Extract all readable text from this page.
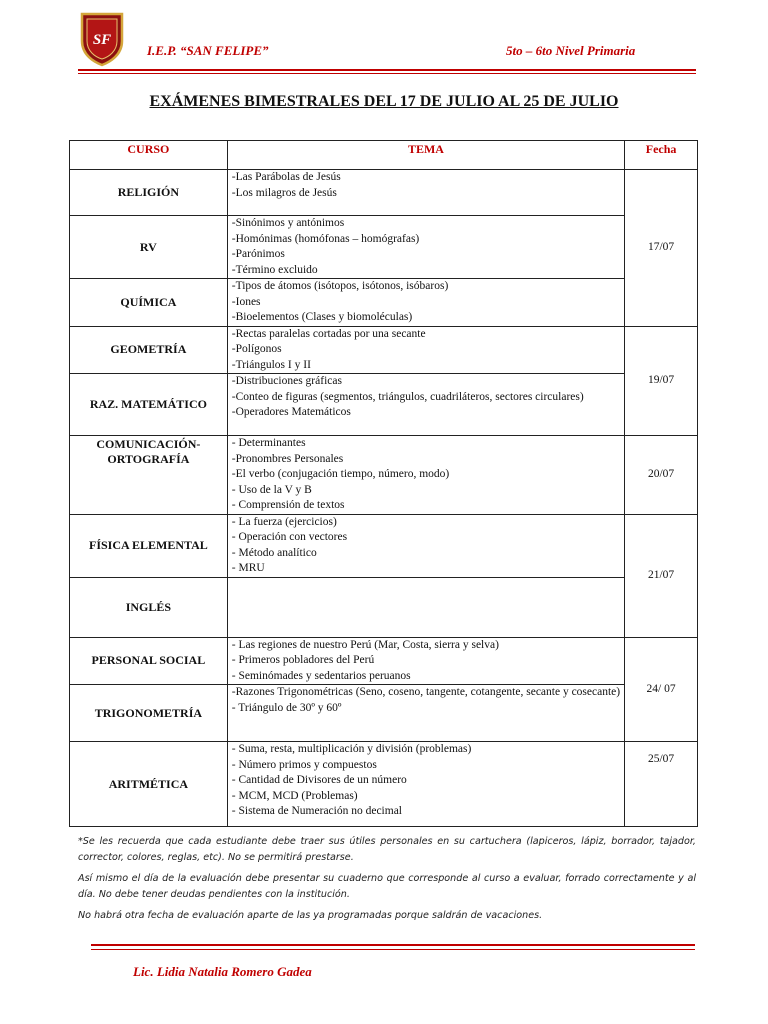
SF
I.E.P. “SAN FELIPE”	5to – 6to Nivel Primaria
EXÁMENES BIMESTRALES DEL 17 DE JULIO AL 25 DE JULIO
CURSO	TEMA	Fecha
RELIGIÓN	-Las Parábolas de Jesús
-Los milagros de Jesús	17/07
RV	-Sinónimos y antónimos
-Homónimas (homófonas – homógrafas)
-Parónimos
-Término excluido	

QUÍMICA	-Tipos de átomos (isótopos, isótonos, isóbaros)
-Iones
-Bioelementos (Clases y biomoléculas)	

GEOMETRÍA	-Rectas paralelas cortadas por una secante
-Polígonos
-Triángulos I y II	19/07
RAZ. MATEMÁTICO	-Distribuciones gráficas
-Conteo de figuras (segmentos, triángulos, cuadriláteros, sectores circulares)
-Operadores Matemáticos	

COMUNICACIÓN-
ORTOGRAFÍA	- Determinantes
-Pronombres Personales
-El verbo (conjugación tiempo, número, modo)
- Uso de la V y B
- Comprensión de textos	20/07
FÍSICA ELEMENTAL	- La fuerza (ejercicios)
- Operación con vectores
- Método analítico
- MRU	21/07
INGLÉS		
PERSONAL SOCIAL	- Las regiones de nuestro Perú (Mar, Costa, sierra y selva)
- Primeros pobladores del Perú
- Seminómades y sedentarios peruanos	24/ 07
TRIGONOMETRÍA	-Razones Trigonométricas (Seno, coseno, tangente, cotangente, secante y cosecante)
- Triángulo de 30º y 60º	

ARITMÉTICA	- Suma, resta, multiplicación y división (problemas)
- Número primos y compuestos
- Cantidad de Divisores de un número
- MCM, MCD (Problemas)
- Sistema de Numeración no decimal	25/07

*Se les recuerda que cada estudiante debe traer sus útiles personales en su cartuchera (lapiceros, lápiz, borrador, tajador, corrector, colores, reglas, etc). No se permitirá prestarse.

Así mismo el día de la evaluación debe presentar su cuaderno que corresponde al curso a evaluar, forrado correctamente y al día. No debe tener deudas pendientes con la institución.

No habrá otra fecha de evaluación aparte de las ya programadas porque saldrán de vacaciones.

Lic. Lidia Natalia Romero Gadea
